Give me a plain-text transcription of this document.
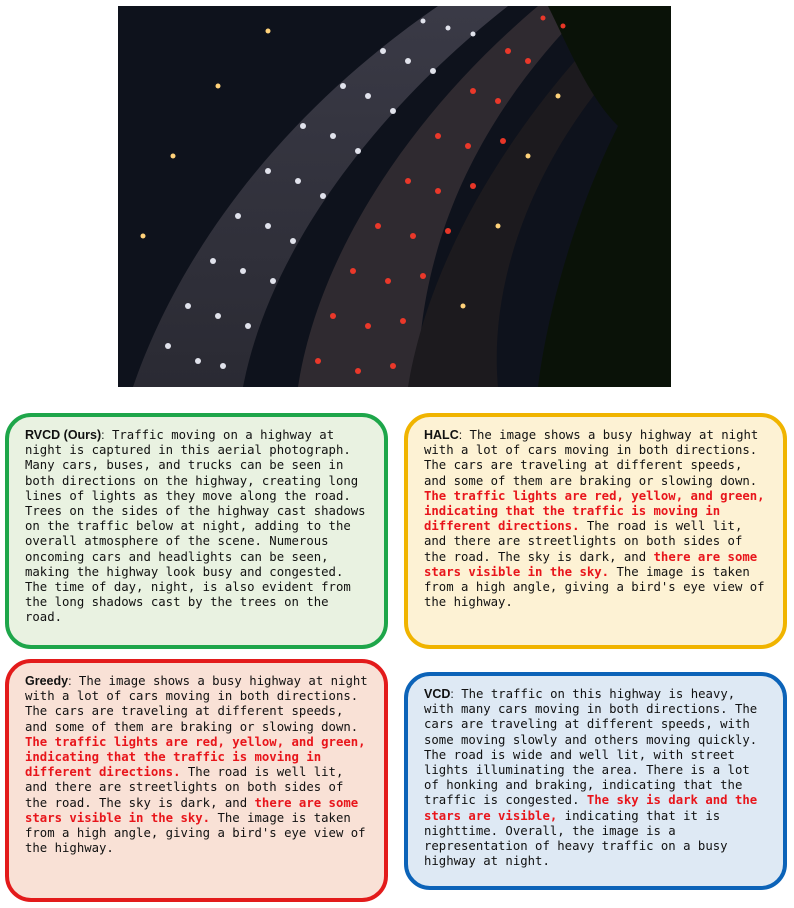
RVCD (Ours): Traffic moving on a highway at night is captured in this aerial photograph. Many cars, buses, and trucks can be seen in both directions on the highway, creating long lines of lights as they move along the road. Trees on the sides of the highway cast shadows on the traffic below at night, adding to the overall atmosphere of the scene. Numerous oncoming cars and headlights can be seen, making the highway look busy and congested. The time of day, night, is also evident from the long shadows cast by the trees on the road.
HALC: The image shows a busy highway at night with a lot of cars moving in both directions. The cars are traveling at different speeds, and some of them are braking or slowing down. The traffic lights are red, yellow, and green, indicating that the traffic is moving in different directions. The road is well lit, and there are streetlights on both sides of the road. The sky is dark, and there are some stars visible in the sky. The image is taken from a high angle, giving a bird's eye view of the highway.
Greedy: The image shows a busy highway at night with a lot of cars moving in both directions. The cars are traveling at different speeds, and some of them are braking or slowing down. The traffic lights are red, yellow, and green, indicating that the traffic is moving in different directions. The road is well lit, and there are streetlights on both sides of the road. The sky is dark, and there are some stars visible in the sky. The image is taken from a high angle, giving a bird's eye view of the highway.
VCD: The traffic on this highway is heavy, with many cars moving in both directions. The cars are traveling at different speeds, with some moving slowly and others moving quickly. The road is wide and well lit, with street lights illuminating the area. There is a lot of honking and braking, indicating that the traffic is congested. The sky is dark and the stars are visible, indicating that it is nighttime. Overall, the image is a representation of heavy traffic on a busy highway at night.
